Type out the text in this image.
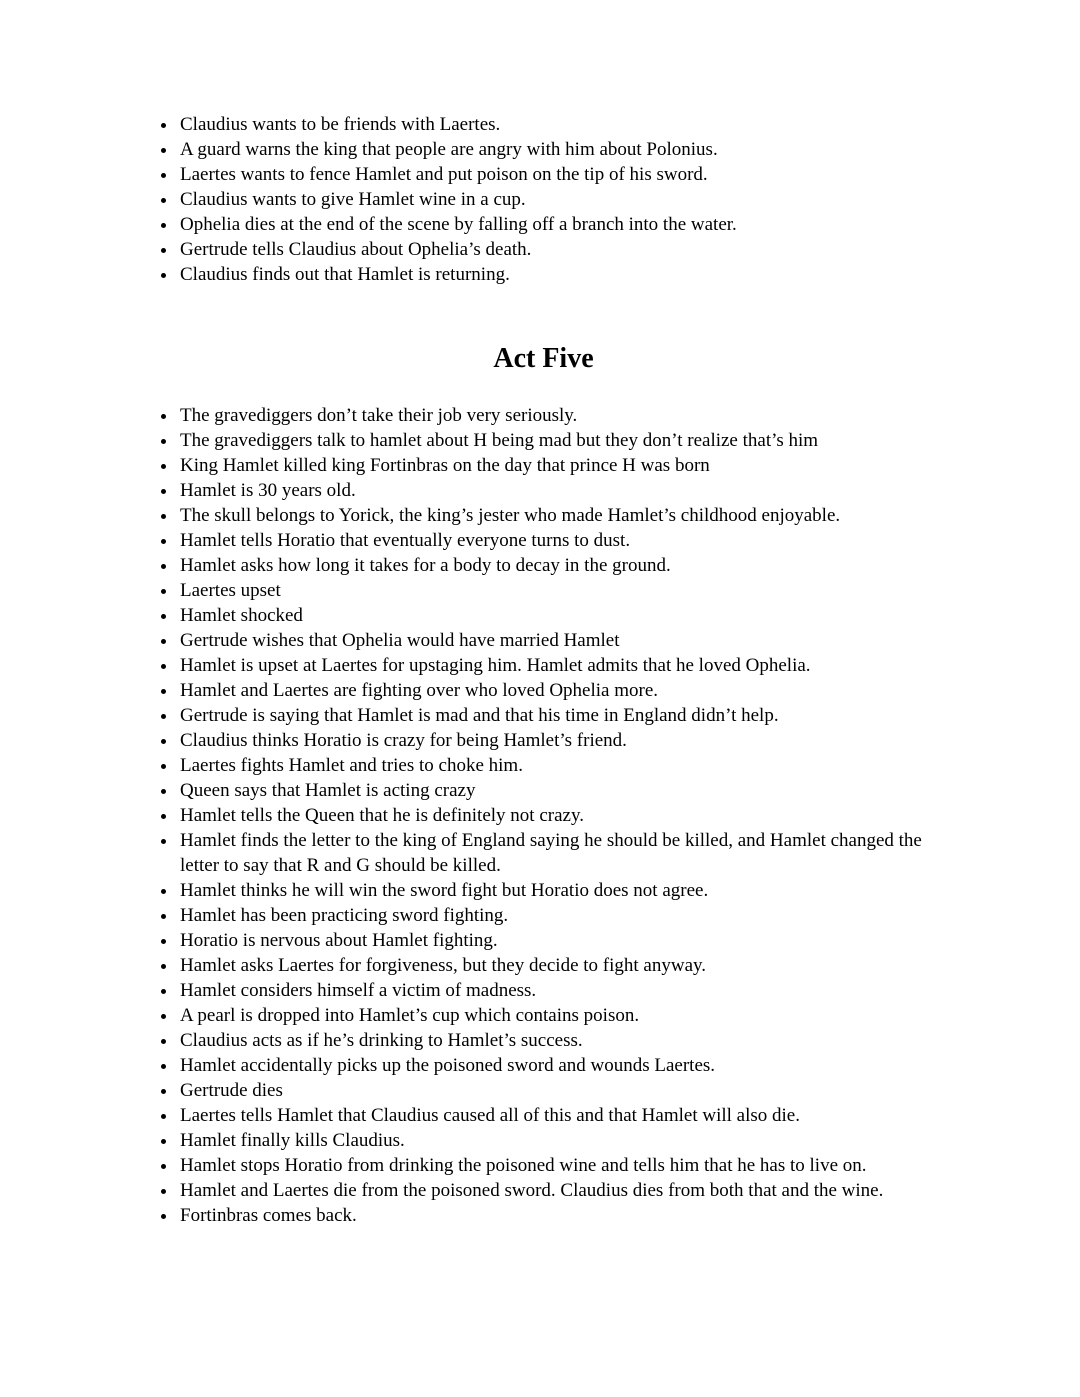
• Claudius wants to be friends with Laertes.
• A guard warns the king that people are angry with him about Polonius.
• Laertes wants to fence Hamlet and put poison on the tip of his sword.
• Claudius wants to give Hamlet wine in a cup.
• Ophelia dies at the end of the scene by falling off a branch into the water.
• Gertrude tells Claudius about Ophelia’s death.
• Claudius finds out that Hamlet is returning.
Act Five
• The gravediggers don’t take their job very seriously.
• The gravediggers talk to hamlet about H being mad but they don’t realize that’s him
• King Hamlet killed king Fortinbras on the day that prince H was born
• Hamlet is 30 years old.
• The skull belongs to Yorick, the king’s jester who made Hamlet’s childhood enjoyable.
• Hamlet tells Horatio that eventually everyone turns to dust.
• Hamlet asks how long it takes for a body to decay in the ground.
• Laertes upset
• Hamlet shocked
• Gertrude wishes that Ophelia would have married Hamlet
• Hamlet is upset at Laertes for upstaging him. Hamlet admits that he loved Ophelia.
• Hamlet and Laertes are fighting over who loved Ophelia more.
• Gertrude is saying that Hamlet is mad and that his time in England didn’t help.
• Claudius thinks Horatio is crazy for being Hamlet’s friend.
• Laertes fights Hamlet and tries to choke him.
• Queen says that Hamlet is acting crazy
• Hamlet tells the Queen that he is definitely not crazy.
• Hamlet finds the letter to the king of England saying he should be killed, and Hamlet changed the letter to say that R and G should be killed.
• Hamlet thinks he will win the sword fight but Horatio does not agree.
• Hamlet has been practicing sword fighting.
• Horatio is nervous about Hamlet fighting.
• Hamlet asks Laertes for forgiveness, but they decide to fight anyway.
• Hamlet considers himself a victim of madness.
• A pearl is dropped into Hamlet’s cup which contains poison.
• Claudius acts as if he’s drinking to Hamlet’s success.
• Hamlet accidentally picks up the poisoned sword and wounds Laertes.
• Gertrude dies
• Laertes tells Hamlet that Claudius caused all of this and that Hamlet will also die.
• Hamlet finally kills Claudius.
• Hamlet stops Horatio from drinking the poisoned wine and tells him that he has to live on.
• Hamlet and Laertes die from the poisoned sword. Claudius dies from both that and the wine.
• Fortinbras comes back.
